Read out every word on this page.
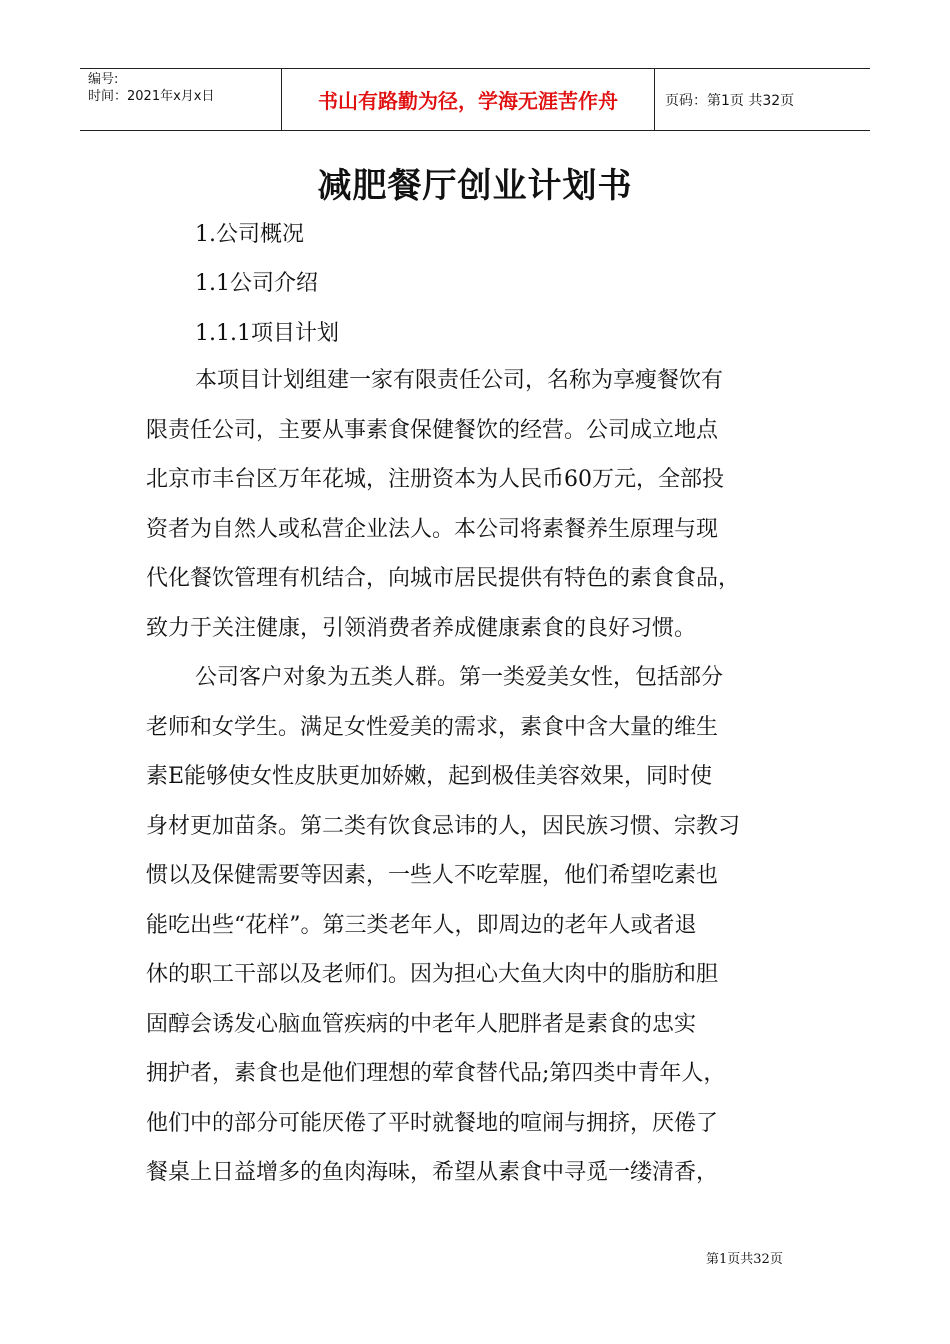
编号:
时间：2021年x月x日	书山有路勤为径，学海无涯苦作舟	页码：第1页 共32页
减肥餐厅创业计划书
1.公司概况
1.1公司介绍
1.1.1项目计划

本项目计划组建一家有限责任公司，名称为享瘦餐饮有
限责任公司，主要从事素食保健餐饮的经营。公司成立地点
北京市丰台区万年花城，注册资本为人民币60万元，全部投
资者为自然人或私营企业法人。本公司将素餐养生原理与现
代化餐饮管理有机结合，向城市居民提供有特色的素食食品，
致力于关注健康，引领消费者养成健康素食的良好习惯。

公司客户对象为五类人群。第一类爱美女性，包括部分
老师和女学生。满足女性爱美的需求，素食中含大量的维生
素E能够使女性皮肤更加娇嫩，起到极佳美容效果，同时使
身材更加苗条。第二类有饮食忌讳的人，因民族习惯、宗教习
惯以及保健需要等因素，一些人不吃荤腥，他们希望吃素也
能吃出些“花样”。第三类老年人，即周边的老年人或者退
休的职工干部以及老师们。因为担心大鱼大肉中的脂肪和胆
固醇会诱发心脑血管疾病的中老年人肥胖者是素食的忠实
拥护者，素食也是他们理想的荤食替代品;第四类中青年人，
他们中的部分可能厌倦了平时就餐地的喧闹与拥挤，厌倦了
餐桌上日益增多的鱼肉海味，希望从素食中寻觅一缕清香，

第1页共32页
